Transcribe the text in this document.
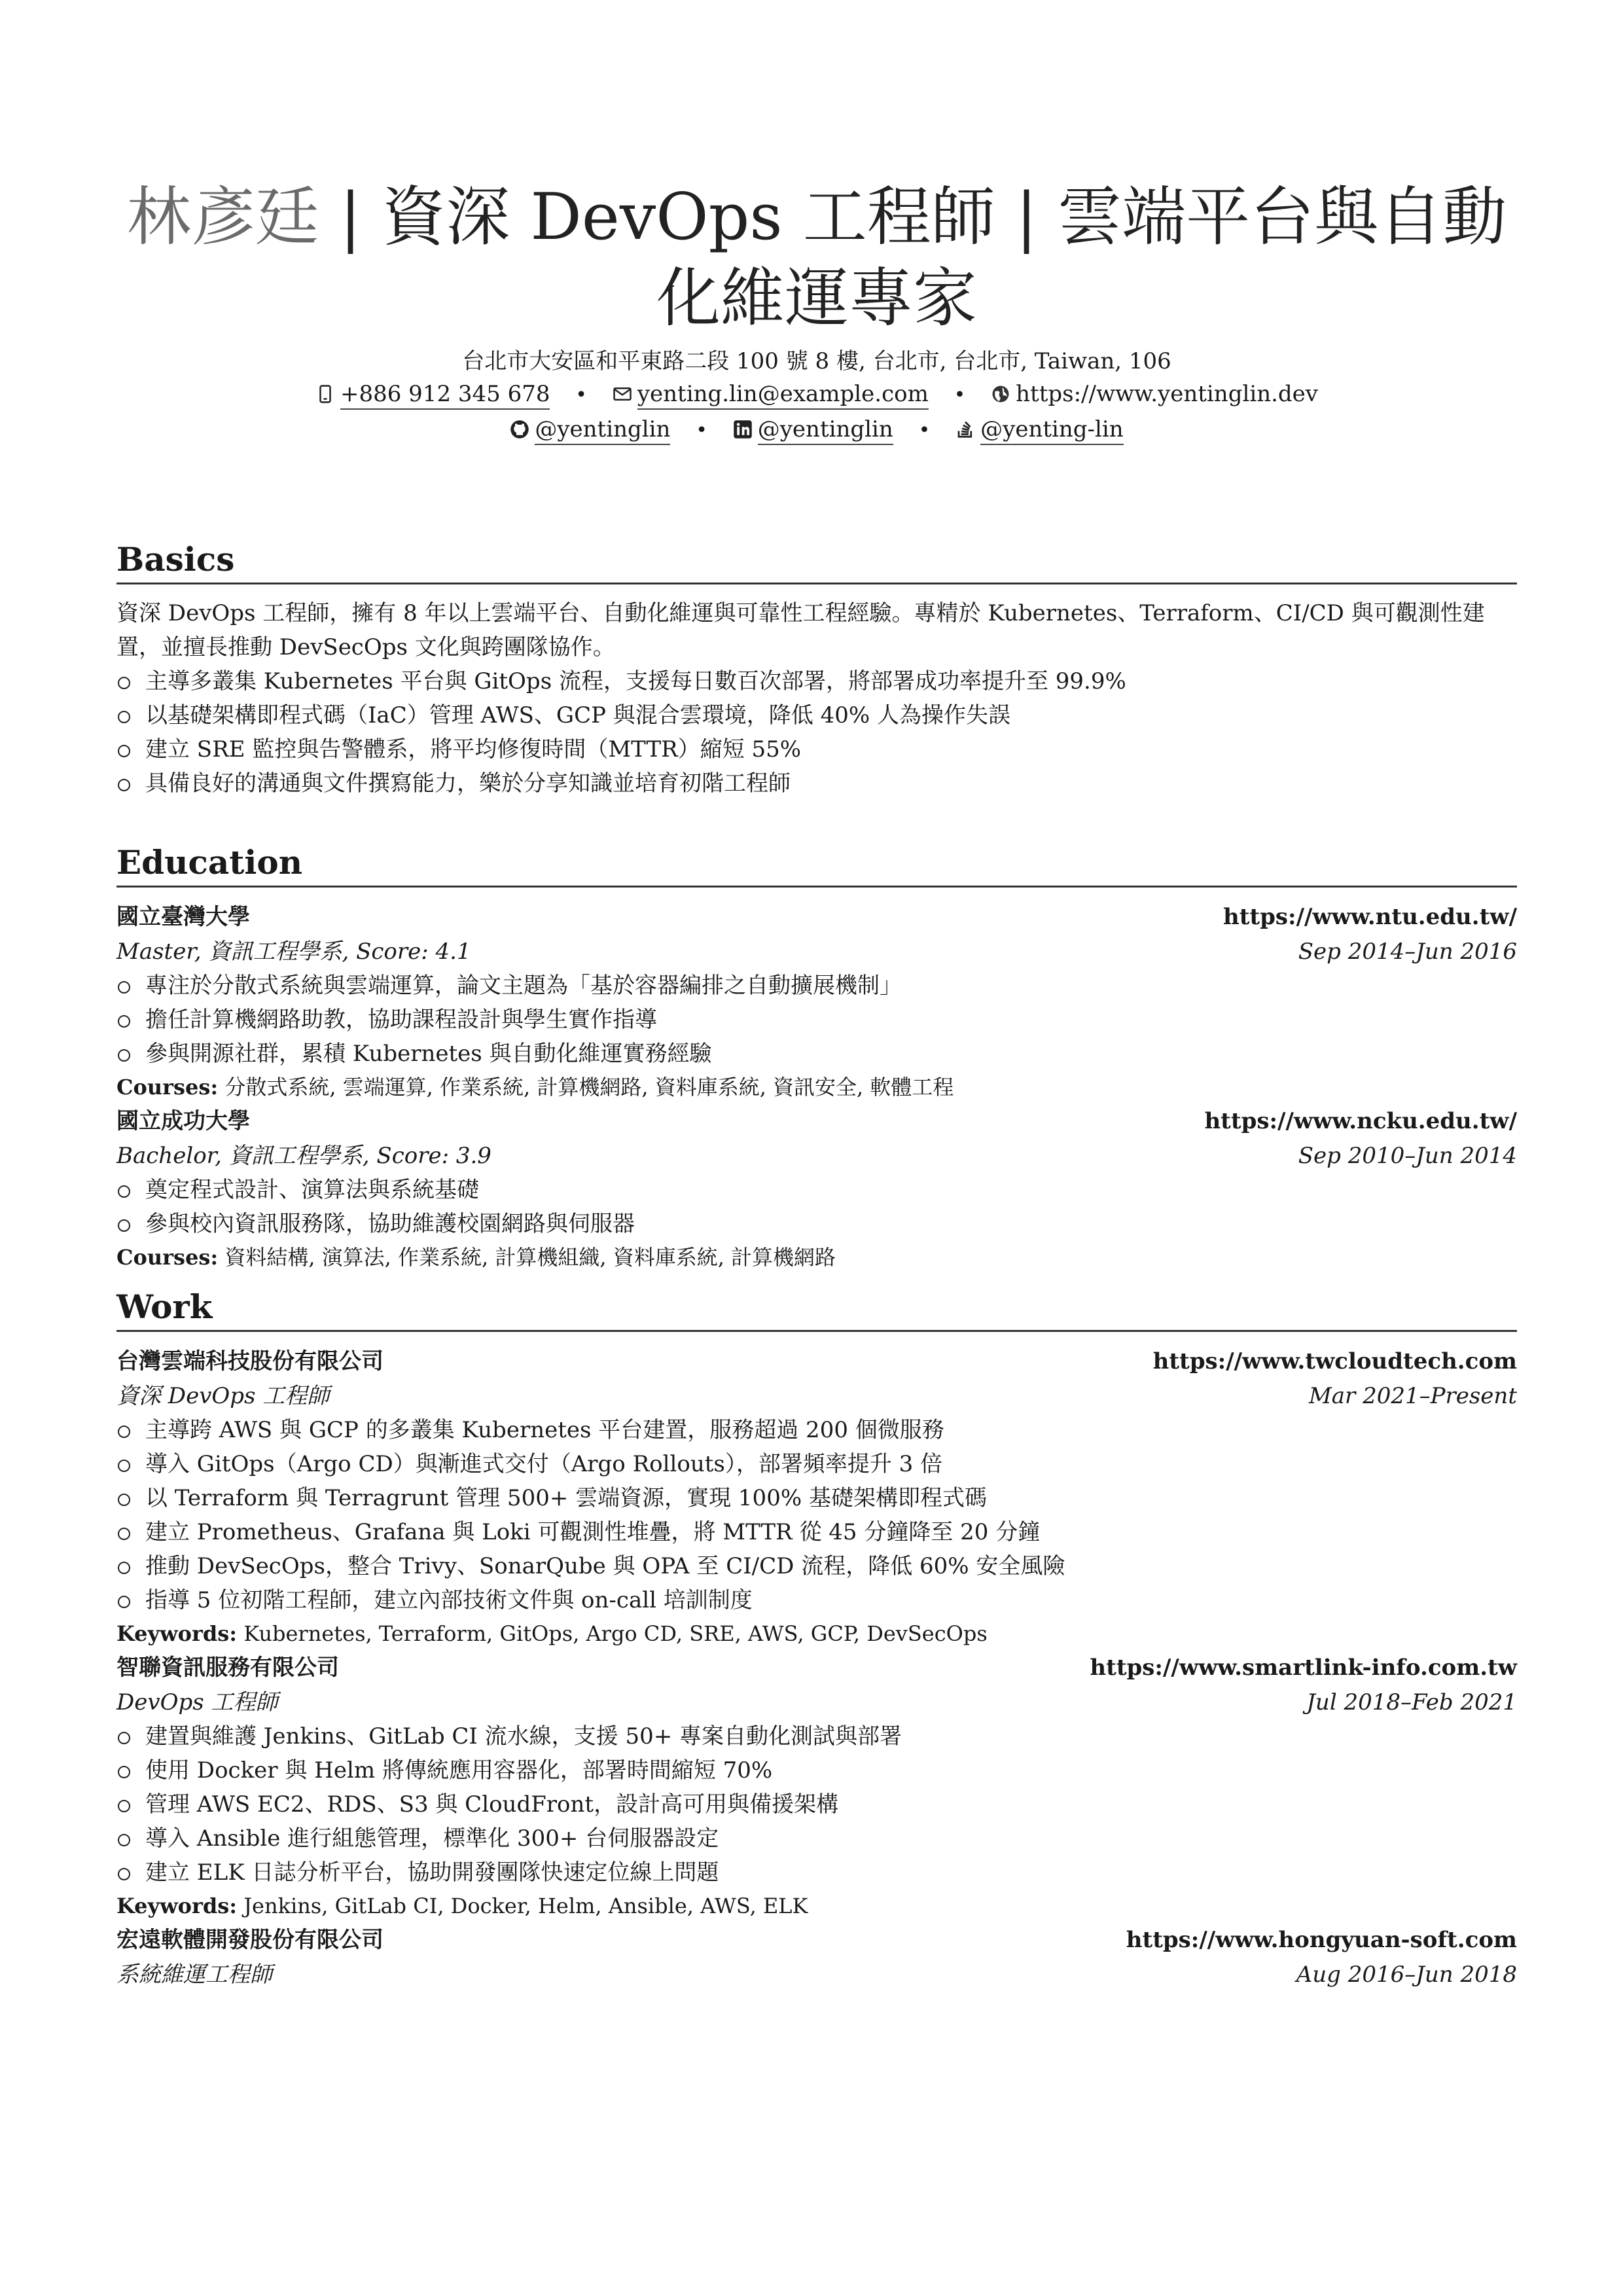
林彥廷 | 資深 DevOps 工程師 | 雲端平台與自動化維運專家
台北市大安區和平東路二段 100 號 8 樓, 台北市, 台北市, Taiwan, 106
+886 912 345 678 • yenting.lin@example.com • https://www.yentinglin.dev
@yentinglin • @yentinglin • @yenting-lin
Basics

資深 DevOps 工程師，擁有 8 年以上雲端平台、自動化維運與可靠性工程經驗。專精於 Kubernetes、Terraform、CI/CD 與可觀測性建置，並擅長推動 DevSecOps 文化與跨團隊協作。

主導多叢集 Kubernetes 平台與 GitOps 流程，支援每日數百次部署，將部署成功率提升至 99.9%
以基礎架構即程式碼（IaC）管理 AWS、GCP 與混合雲環境，降低 40% 人為操作失誤
建立 SRE 監控與告警體系，將平均修復時間（MTTR）縮短 55%
具備良好的溝通與文件撰寫能力，樂於分享知識並培育初階工程師
Education
國立臺灣大學	https://www.ntu.edu.tw/
Master, 資訊工程學系, Score: 4.1	Sep 2014–Jun 2016
專注於分散式系統與雲端運算，論文主題為「基於容器編排之自動擴展機制」
擔任計算機網路助教，協助課程設計與學生實作指導
參與開源社群，累積 Kubernetes 與自動化維運實務經驗
Courses: 分散式系統, 雲端運算, 作業系統, 計算機網路, 資料庫系統, 資訊安全, 軟體工程
國立成功大學	https://www.ncku.edu.tw/
Bachelor, 資訊工程學系, Score: 3.9	Sep 2010–Jun 2014
奠定程式設計、演算法與系統基礎
參與校內資訊服務隊，協助維護校園網路與伺服器
Courses: 資料結構, 演算法, 作業系統, 計算機組織, 資料庫系統, 計算機網路
Work
台灣雲端科技股份有限公司	https://www.twcloudtech.com
資深 DevOps 工程師	Mar 2021–Present
主導跨 AWS 與 GCP 的多叢集 Kubernetes 平台建置，服務超過 200 個微服務
導入 GitOps（Argo CD）與漸進式交付（Argo Rollouts），部署頻率提升 3 倍
以 Terraform 與 Terragrunt 管理 500+ 雲端資源，實現 100% 基礎架構即程式碼
建立 Prometheus、Grafana 與 Loki 可觀測性堆疊，將 MTTR 從 45 分鐘降至 20 分鐘
推動 DevSecOps，整合 Trivy、SonarQube 與 OPA 至 CI/CD 流程，降低 60% 安全風險
指導 5 位初階工程師，建立內部技術文件與 on-call 培訓制度
Keywords: Kubernetes, Terraform, GitOps, Argo CD, SRE, AWS, GCP, DevSecOps
智聯資訊服務有限公司	https://www.smartlink-info.com.tw
DevOps 工程師	Jul 2018–Feb 2021
建置與維護 Jenkins、GitLab CI 流水線，支援 50+ 專案自動化測試與部署
使用 Docker 與 Helm 將傳統應用容器化，部署時間縮短 70%
管理 AWS EC2、RDS、S3 與 CloudFront，設計高可用與備援架構
導入 Ansible 進行組態管理，標準化 300+ 台伺服器設定
建立 ELK 日誌分析平台，協助開發團隊快速定位線上問題
Keywords: Jenkins, GitLab CI, Docker, Helm, Ansible, AWS, ELK
宏遠軟體開發股份有限公司	https://www.hongyuan-soft.com
系統維運工程師	Aug 2016–Jun 2018
